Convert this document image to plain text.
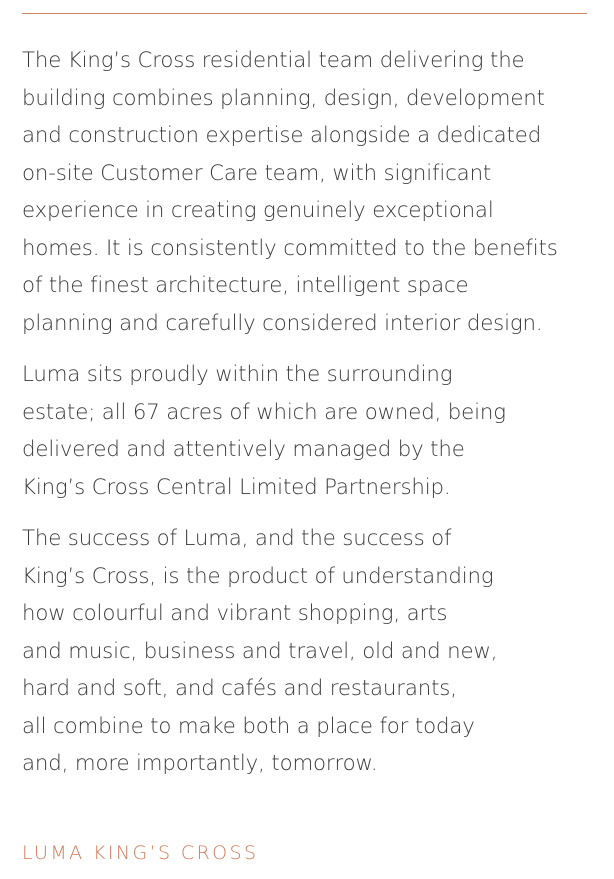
The King’s Cross residential team delivering the
building combines planning, design, development
and construction expertise alongside a dedicated
on-site Customer Care team, with significant
experience in creating genuinely exceptional
homes. It is consistently committed to the benefits
of the finest architecture, intelligent space
planning and carefully considered interior design.

Luma sits proudly within the surrounding
estate; all 67 acres of which are owned, being
delivered and attentively managed by the
King’s Cross Central Limited Partnership.

The success of Luma, and the success of
King’s Cross, is the product of understanding
how colourful and vibrant shopping, arts
and music, business and travel, old and new,
hard and soft, and cafés and restaurants,
all combine to make both a place for today
and, more importantly, tomorrow.

LUMA KING’S CROSS
